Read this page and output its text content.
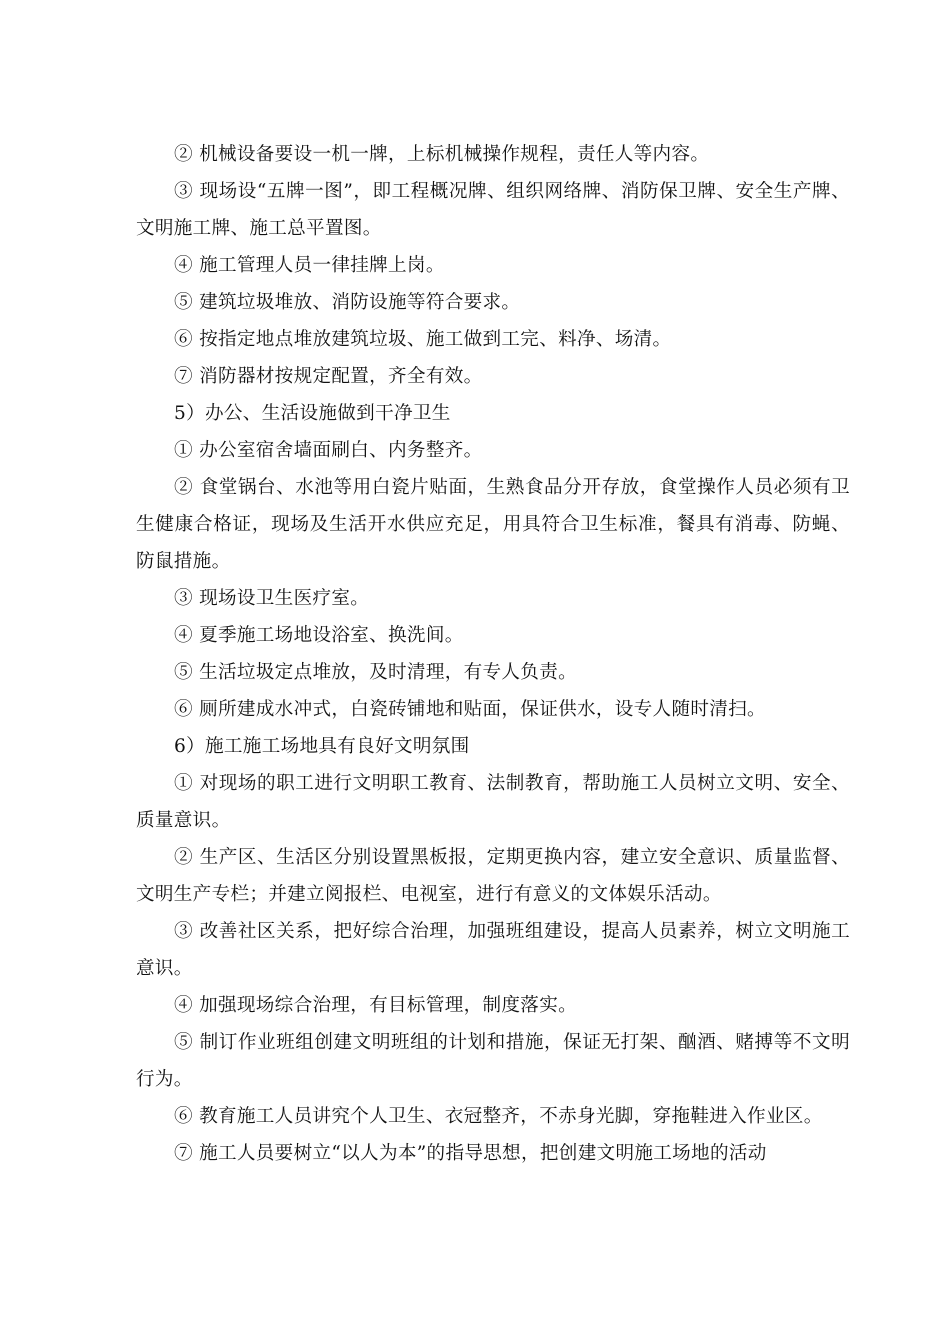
② 机械设备要设一机一牌，上标机械操作规程，责任人等内容。

③ 现场设“五牌一图”，即工程概况牌、组织网络牌、消防保卫牌、安全生产牌、文明施工牌、施工总平置图。

④ 施工管理人员一律挂牌上岗。

⑤ 建筑垃圾堆放、消防设施等符合要求。

⑥ 按指定地点堆放建筑垃圾、施工做到工完、料净、场清。

⑦ 消防器材按规定配置，齐全有效。

5）办公、生活设施做到干净卫生

① 办公室宿舍墙面刷白、内务整齐。

② 食堂锅台、水池等用白瓷片贴面，生熟食品分开存放，食堂操作人员必须有卫生健康合格证，现场及生活开水供应充足，用具符合卫生标准，餐具有消毒、防蝇、防鼠措施。

③ 现场设卫生医疗室。

④ 夏季施工场地设浴室、换洗间。

⑤ 生活垃圾定点堆放，及时清理，有专人负责。

⑥ 厕所建成水冲式，白瓷砖铺地和贴面，保证供水，设专人随时清扫。

6）施工施工场地具有良好文明氛围

① 对现场的职工进行文明职工教育、法制教育，帮助施工人员树立文明、安全、质量意识。

② 生产区、生活区分别设置黑板报，定期更换内容，建立安全意识、质量监督、文明生产专栏；并建立阅报栏、电视室，进行有意义的文体娱乐活动。

③ 改善社区关系，把好综合治理，加强班组建设，提高人员素养，树立文明施工意识。

④ 加强现场综合治理，有目标管理，制度落实。

⑤ 制订作业班组创建文明班组的计划和措施，保证无打架、酗酒、赌搏等不文明行为。

⑥ 教育施工人员讲究个人卫生、衣冠整齐，不赤身光脚，穿拖鞋进入作业区。

⑦ 施工人员要树立“以人为本”的指导思想，把创建文明施工场地的活动
